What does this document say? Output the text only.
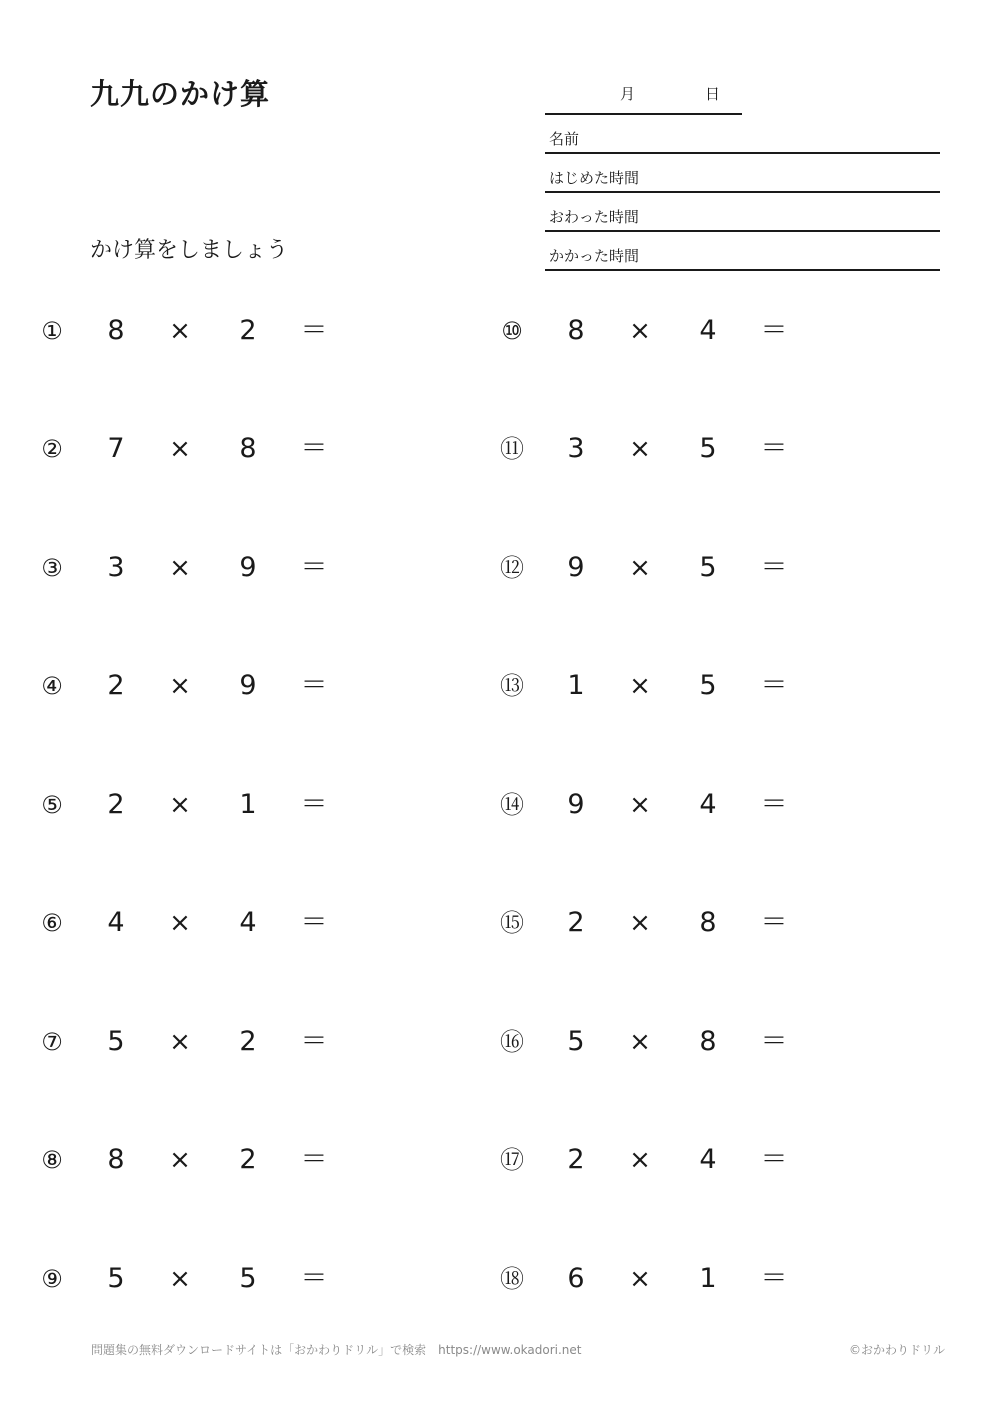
九九のかけ算
かけ算をしましょう
月	日
名前
はじめた時間
おわった時間
かかった時間
① 8 × 2 ＝
② 7 × 8 ＝
③ 3 × 9 ＝
④ 2 × 9 ＝
⑤ 2 × 1 ＝
⑥ 4 × 4 ＝
⑦ 5 × 2 ＝
⑧ 8 × 2 ＝
⑨ 5 × 5 ＝
⑩ 8 × 4 ＝
⑪ 3 × 5 ＝
⑫ 9 × 5 ＝
⑬ 1 × 5 ＝
⑭ 9 × 4 ＝
⑮ 2 × 8 ＝
⑯ 5 × 8 ＝
⑰ 2 × 4 ＝
⑱ 6 × 1 ＝
問題集の無料ダウンロードサイトは「おかわりドリル」で検索　https://www.okadori.net	©おかわりドリル
